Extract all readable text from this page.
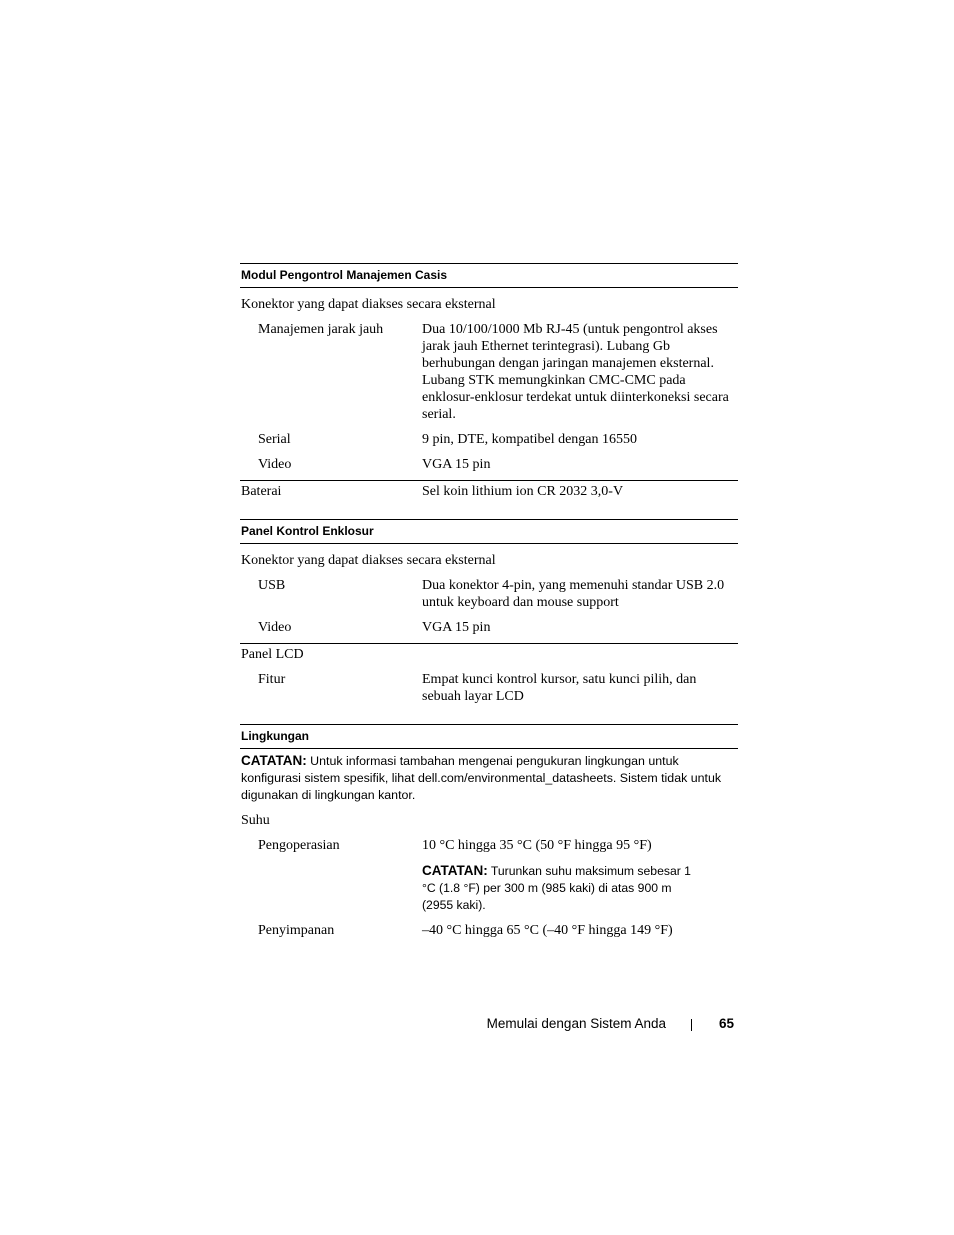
Modul Pengontrol Manajemen Casis
Konektor yang dapat diakses secara eksternal
Manajemen jarak jauh	Dua 10/100/1000 Mb RJ-45 (untuk pengontrol akses jarak jauh Ethernet terintegrasi). Lubang Gb berhubungan dengan jaringan manajemen eksternal. Lubang STK memungkinkan CMC-CMC pada enklosur-enklosur terdekat untuk diinterkoneksi secara serial.
Serial	9 pin, DTE, kompatibel dengan 16550
Video	VGA 15 pin
Baterai	Sel koin lithium ion CR 2032 3,0-V
Panel Kontrol Enklosur
Konektor yang dapat diakses secara eksternal
USB	Dua konektor 4-pin, yang memenuhi standar USB 2.0 untuk keyboard dan mouse support
Video	VGA 15 pin
Panel LCD
Fitur	Empat kunci kontrol kursor, satu kunci pilih, dan sebuah layar LCD
Lingkungan
CATATAN: Untuk informasi tambahan mengenai pengukuran lingkungan untuk konfigurasi sistem spesifik, lihat dell.com/environmental_datasheets. Sistem tidak untuk digunakan di lingkungan kantor.
Suhu
Pengoperasian	10 °C hingga 35 °C (50 °F hingga 95 °F)
CATATAN: Turunkan suhu maksimum sebesar 1 °C (1.8 °F) per 300 m (985 kaki) di atas 900 m (2955 kaki).
Penyimpanan	–40 °C hingga 65 °C (–40 °F hingga 149 °F)
Memulai dengan Sistem Anda	65
